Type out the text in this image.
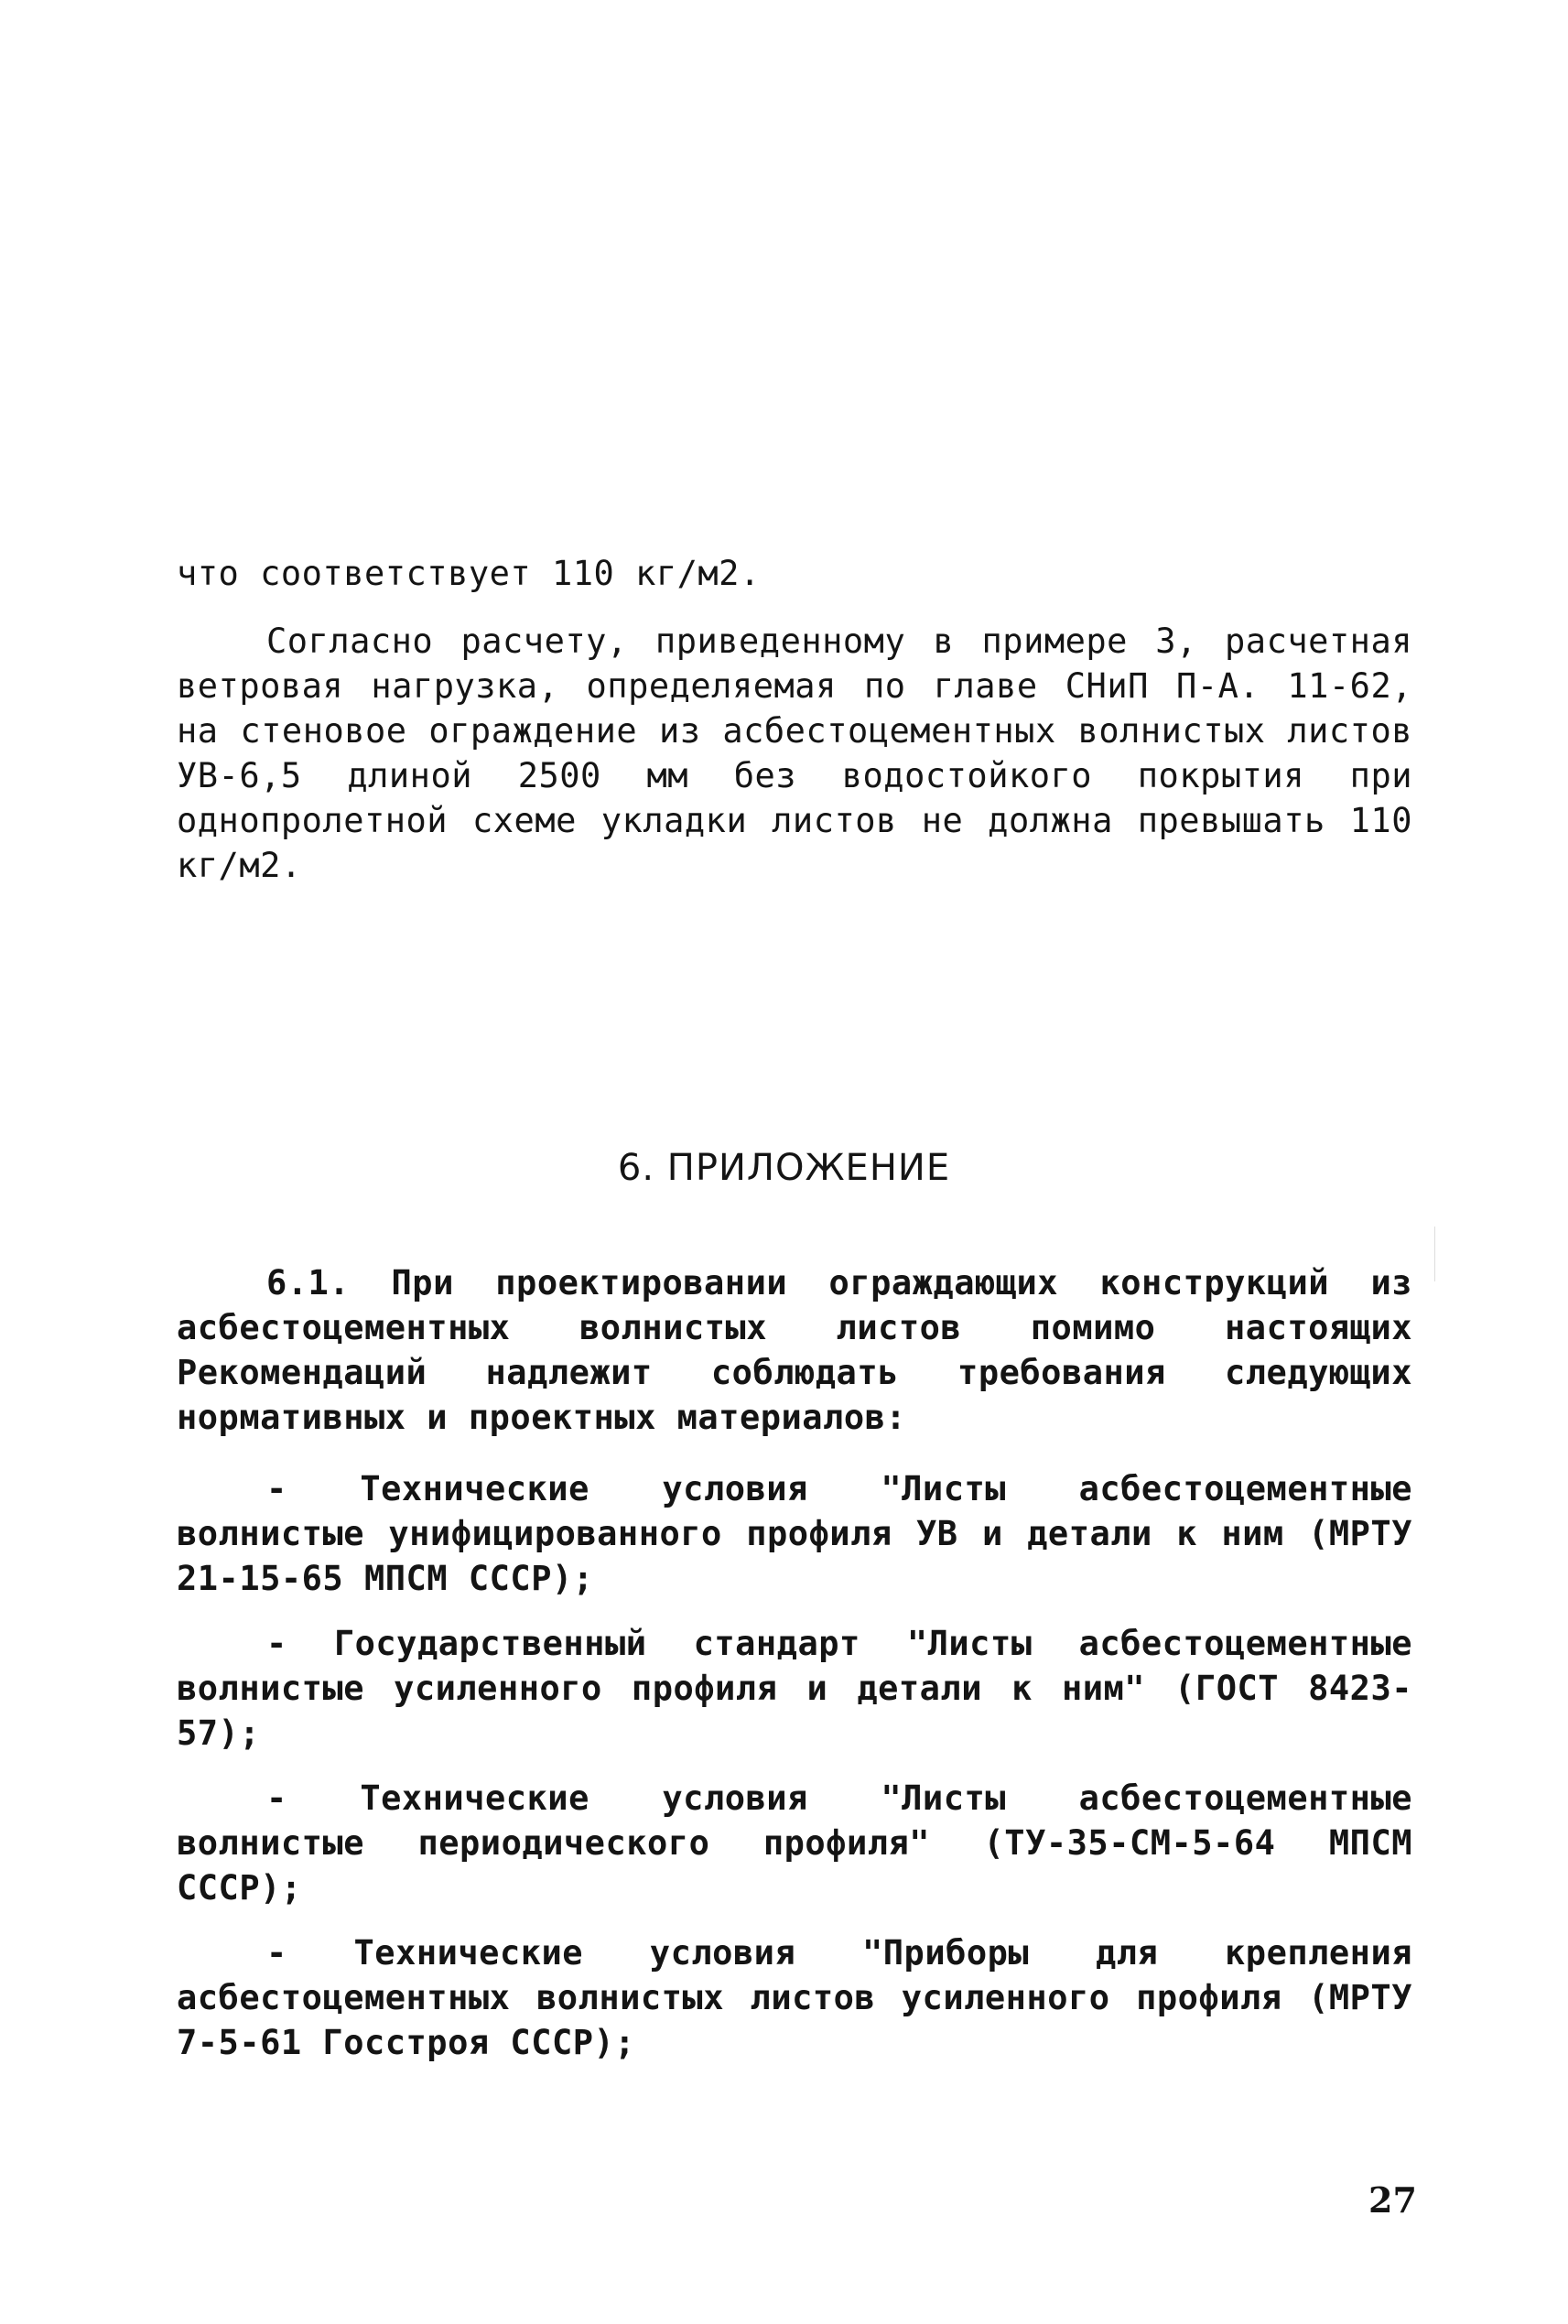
что соответствует 110 кг/м2.

Согласно расчету, приведенному в примере 3, расчетная ветровая нагрузка, определяемая по главе СНиП П-А. 11-62, на стеновое ограждение из асбестоцементных волнистых листов УВ-6,5 длиной 2500 мм без водостойкого покрытия при однопролетной схеме укладки листов не должна превышать 110 кг/м2.

6. ПРИЛОЖЕНИЕ

6.1. При проектировании ограждающих конструкций из асбестоцементных волнистых листов помимо настоящих Рекомендаций надлежит соблюдать требования следующих нормативных и проектных материалов:

- Технические условия "Листы асбестоцементные волнистые унифицированного профиля УВ и детали к ним (МРТУ 21-15-65 МПСМ СССР);
- Государственный стандарт "Листы асбестоцементные волнистые усиленного профиля и детали к ним" (ГОСТ 8423-57);
- Технические условия "Листы асбестоцементные волнистые периодического профиля" (ТУ-35-СМ-5-64 МПСМ СССР);
- Технические условия "Приборы для крепления асбестоцементных волнистых листов усиленного профиля (МРТУ 7-5-61 Госстроя СССР);
27
